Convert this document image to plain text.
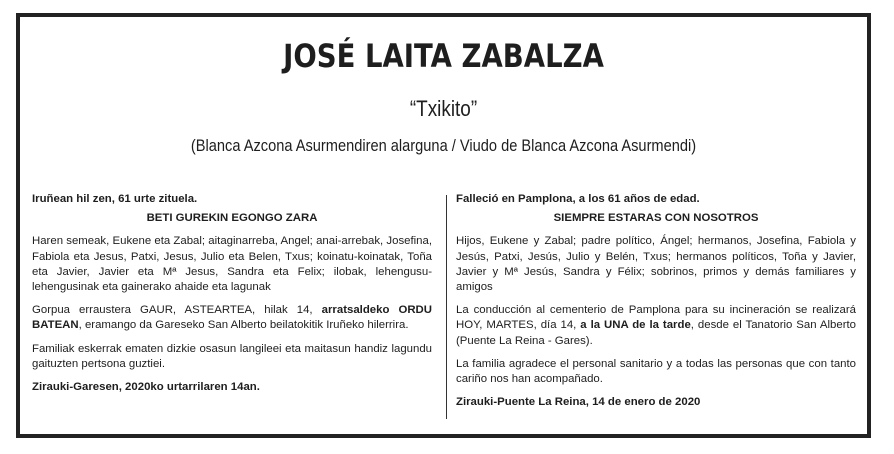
JOSÉ LAITA ZABALZA
“Txikito”
(Blanca Azcona Asurmendiren alarguna / Viudo de Blanca Azcona Asurmendi)

Iruñean hil zen, 61 urte zituela.

BETI GUREKIN EGONGO ZARA

Haren semeak, Eukene eta Zabal; aitaginarreba, Angel; anai-arrebak, Josefina, Fabiola eta Jesus, Patxi, Jesus, Julio eta Belen, Txus; koinatu-koinatak, Toña eta Javier, Javier eta Mª Jesus, Sandra eta Felix; ilobak, lehengusu-lehengusinak eta gainerako ahaide eta lagunak

Gorpua erraustera GAUR, ASTEARTEA, hilak 14, arratsaldeko ORDU BATEAN, eramango da Gareseko San Alberto beilatokitik Iruñeko hilerrira.

Familiak eskerrak ematen dizkie osasun langileei eta maitasun handiz lagundu gaituzten pertsona guztiei.

Zirauki-Garesen, 2020ko urtarrilaren 14an.

Falleció en Pamplona, a los 61 años de edad.

SIEMPRE ESTARAS CON NOSOTROS

Hijos, Eukene y Zabal; padre político, Ángel; hermanos, Josefina, Fabiola y Jesús, Patxi, Jesús, Julio y Belén, Txus; hermanos políticos, Toña y Javier, Javier y Mª Jesús, Sandra y Félix; sobrinos, primos y demás familiares y amigos

La conducción al cementerio de Pamplona para su incineración se realizará HOY, MARTES, día 14, a la UNA de la tarde, desde el Tanatorio San Alberto (Puente La Reina - Gares).

La familia agradece el personal sanitario y a todas las personas que con tanto cariño nos han acompañado.

Zirauki-Puente La Reina, 14 de enero de 2020
